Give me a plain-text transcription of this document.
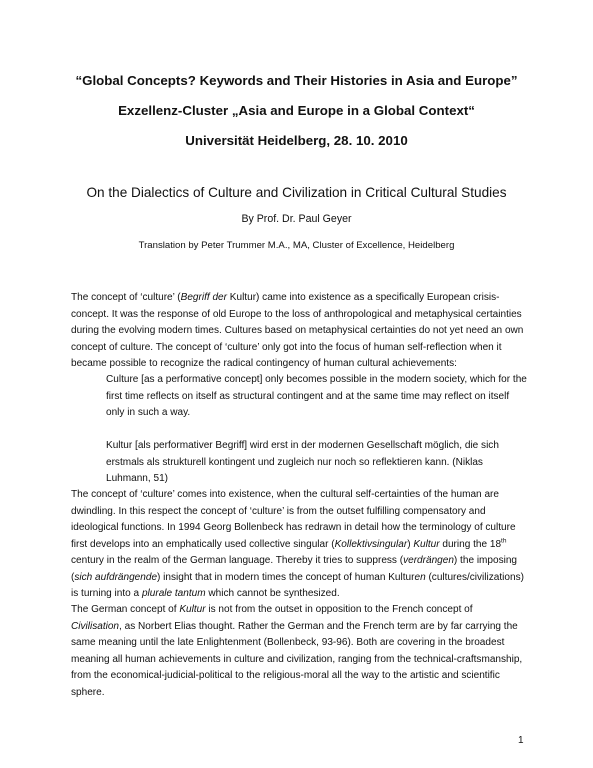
“Global Concepts? Keywords and Their Histories in Asia and Europe”
Exzellenz-Cluster „Asia and Europe in a Global Context“
Universität Heidelberg, 28. 10. 2010
On the Dialectics of Culture and Civilization in Critical Cultural Studies
By Prof. Dr. Paul Geyer
Translation by Peter Trummer M.A., MA, Cluster of Excellence, Heidelberg

The concept of ‘culture’ (Begriff der Kultur) came into existence as a specifically European crisis-concept. It was the response of old Europe to the loss of anthropological and metaphysical certainties during the evolving modern times. Cultures based on metaphysical certainties do not yet need an own concept of culture. The concept of ‘culture’ only got into the focus of human self-reflection when it became possible to recognize the radical contingency of human cultural achievements:

Culture [as a performative concept] only becomes possible in the modern society, which for the first time reflects on itself as structural contingent and at the same time may reflect on itself only in such a way.

Kultur [als performativer Begriff] wird erst in der modernen Gesellschaft möglich, die sich erstmals als strukturell kontingent und zugleich nur noch so reflektieren kann. (Niklas Luhmann, 51)

The concept of ‘culture’ comes into existence, when the cultural self-certainties of the human are dwindling. In this respect the concept of ‘culture’ is from the outset fulfilling compensatory and ideological functions. In 1994 Georg Bollenbeck has redrawn in detail how the terminology of culture first develops into an emphatically used collective singular (Kollektivsingular) Kultur during the 18th century in the realm of the German language. Thereby it tries to suppress (verdrängen) the imposing (sich aufdrängende) insight that in modern times the concept of human Kulturen (cultures/civilizations) is turning into a plurale tantum which cannot be synthesized.

The German concept of Kultur is not from the outset in opposition to the French concept of Civilisation, as Norbert Elias thought. Rather the German and the French term are by far carrying the same meaning until the late Enlightenment (Bollenbeck, 93-96). Both are covering in the broadest meaning all human achievements in culture and civilization, ranging from the technical-craftsmanship, from the economical-judicial-political to the religious-moral all the way to the artistic and scientific sphere.

1
